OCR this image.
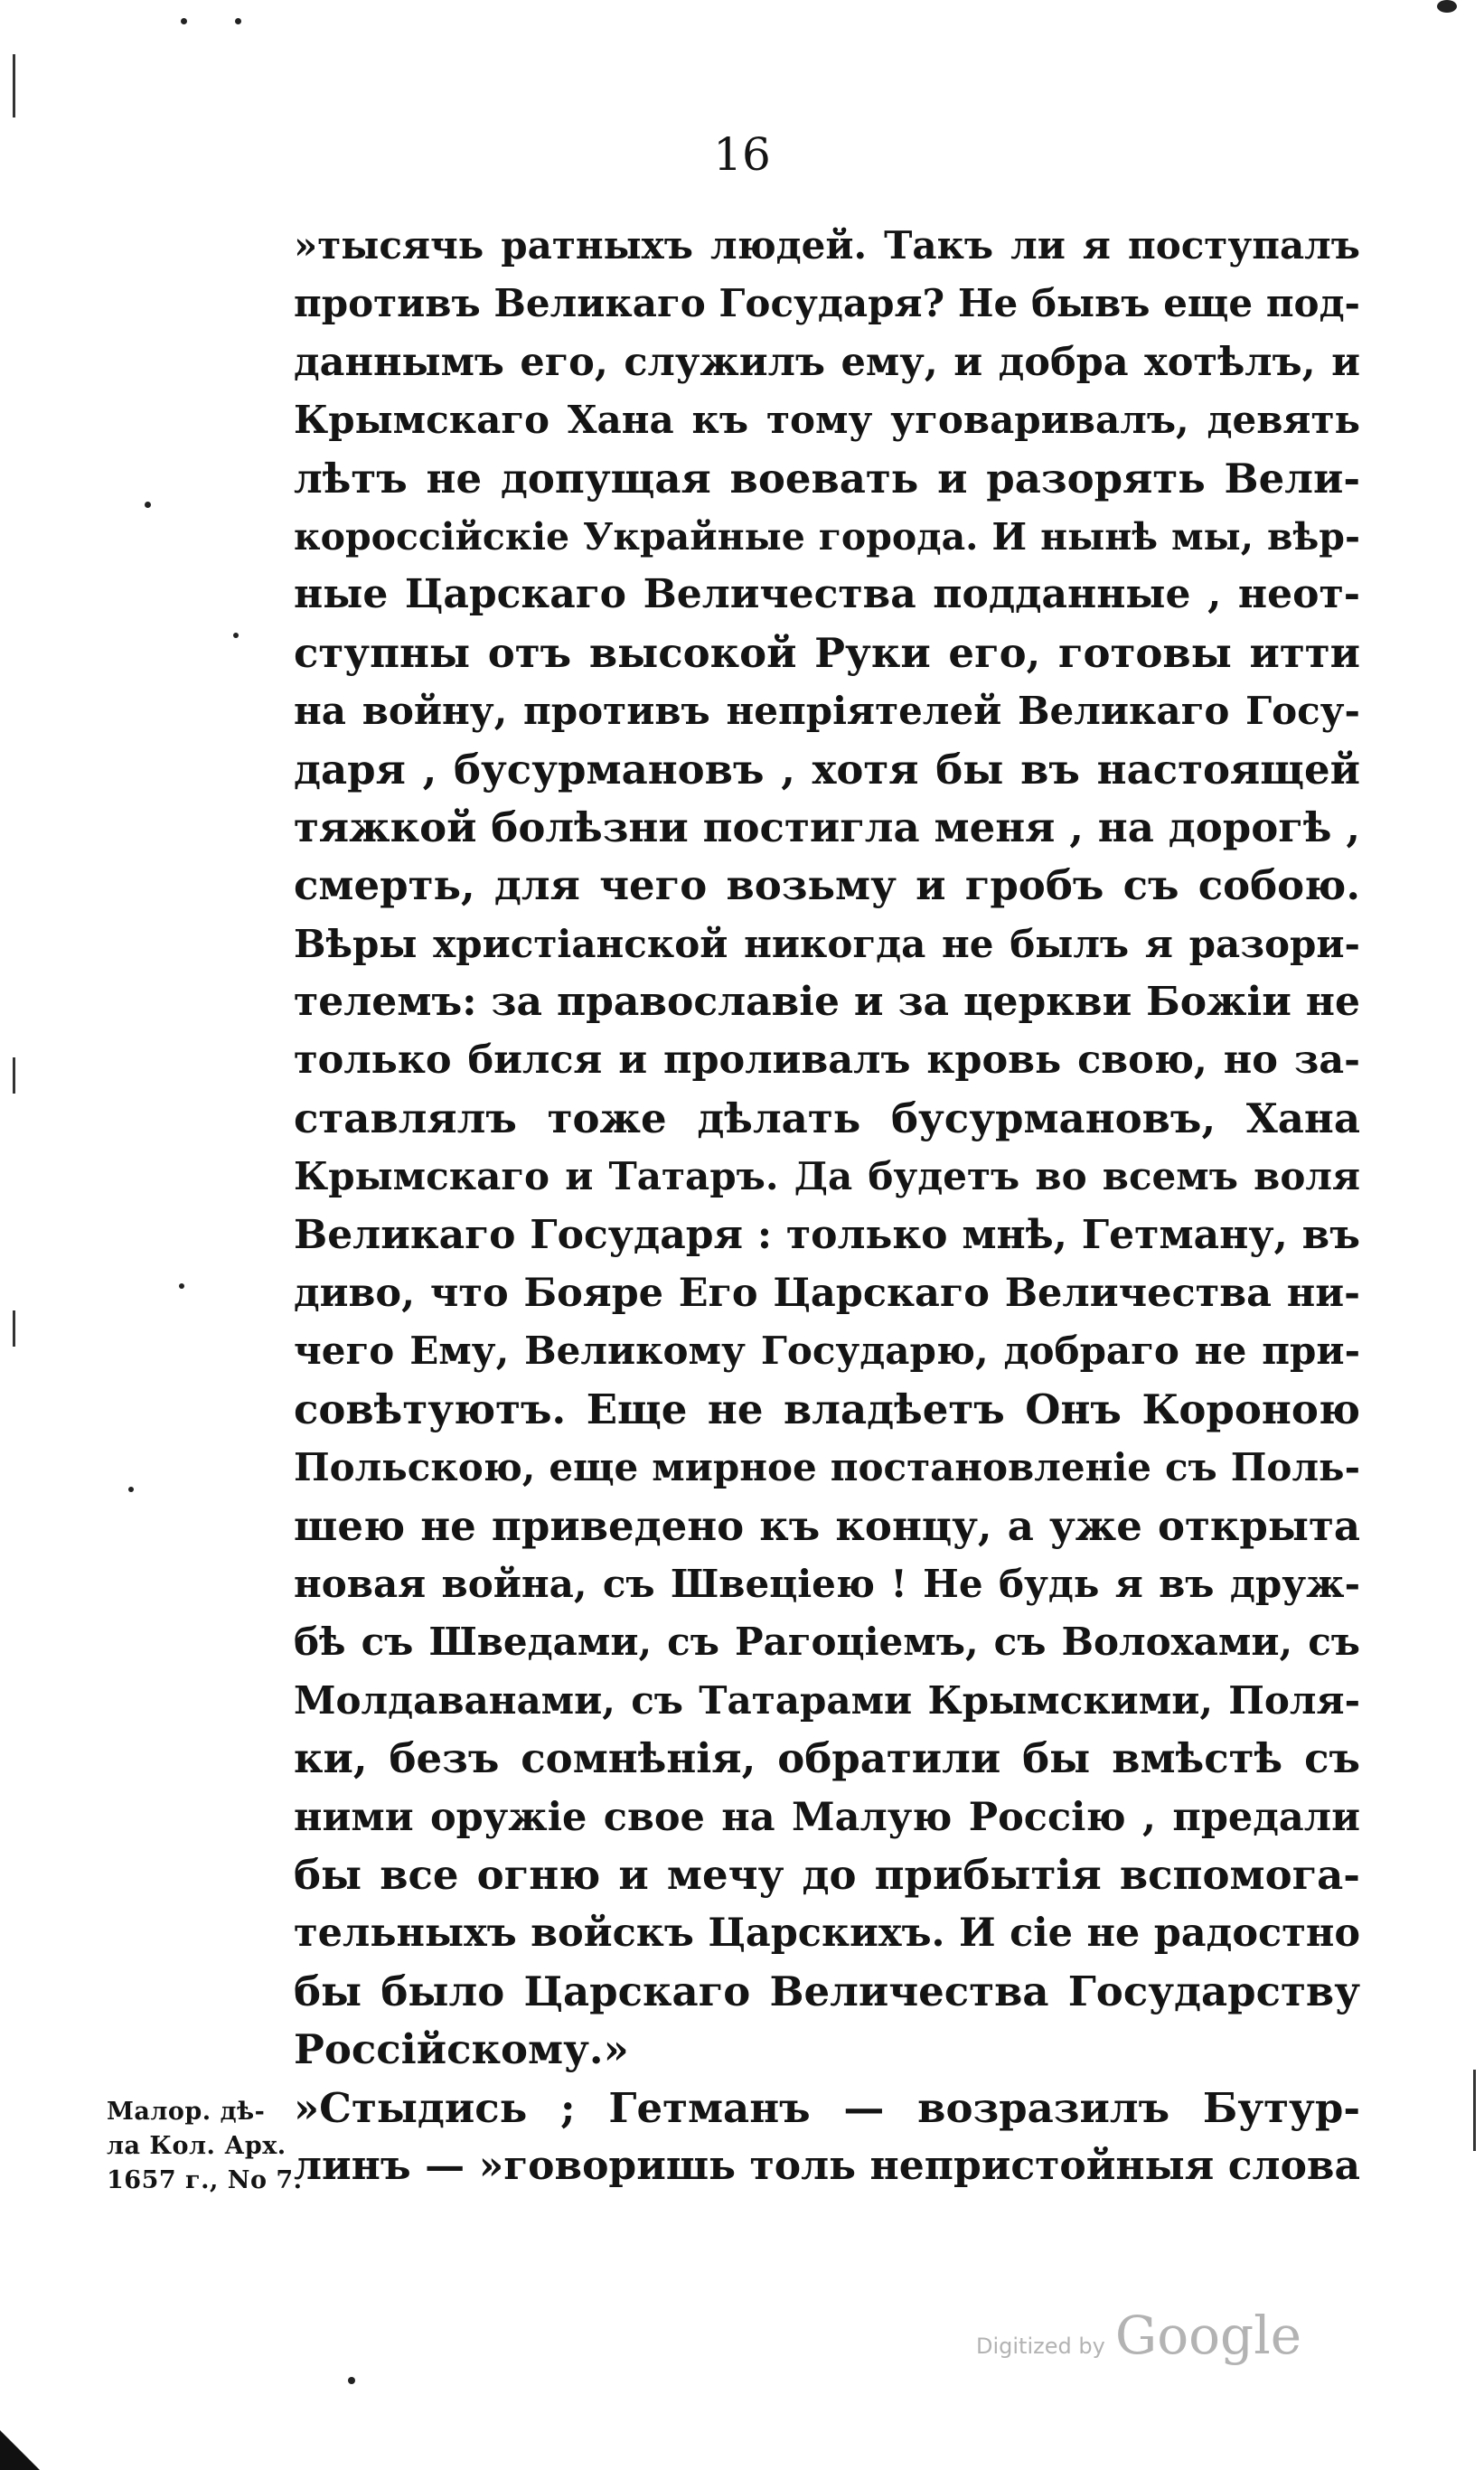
16
»тысячь ратныхъ людей. Такъ ли я поступалъ
противъ Великаго Государя? Не бывъ еще под-
даннымъ его, служилъ ему, и добра хотѣлъ, и
Крымскаго Хана къ тому уговаривалъ, девять
лѣтъ не допущая воевать и разорять Вели-
короссійскіе Украйные города. И нынѣ мы, вѣр-
ные Царскаго Величества подданные , неот-
ступны отъ высокой Руки его, готовы итти
на войну, противъ непріятелей Великаго Госу-
даря , бусурмановъ , хотя бы въ настоящей
тяжкой болѣзни постигла меня , на дорогѣ ,
смерть, для чего возьму и гробъ съ собою.
Вѣры христіанской никогда не былъ я разори-
телемъ: за православіе и за церкви Божіи не
только бился и проливалъ кровь свою, но за-
ставлялъ тоже дѣлать бусурмановъ, Хана
Крымскаго и Татаръ. Да будетъ во всемъ воля
Великаго Государя : только мнѣ, Гетману, въ
диво, что Бояре Его Царскаго Величества ни-
чего Ему, Великому Государю, добраго не при-
совѣтуютъ. Еще не владѣетъ Онъ Короною
Польскою, еще мирное постановленіе съ Поль-
шею не приведено къ концу, а уже открыта
новая война, съ Швеціею ! Не будь я въ друж-
бѣ съ Шведами, съ Рагоціемъ, съ Волохами, съ
Молдаванами, съ Татарами Крымскими, Поля-
ки, безъ сомнѣнія, обратили бы вмѣстѣ съ
ними оружіе свое на Малую Россію , предали
бы все огню и мечу до прибытія вспомога-
тельныхъ войскъ Царскихъ. И сіе не радостно
бы было Царскаго Величества Государству
Россійскому.»
»Стыдись ; Гетманъ — возразилъ Бутур-
линъ — »говоришь толь непристойныя слова
Малор. дѣ-
ла Кол. Арх.
1657 г., No 7.
Digitized by Google
